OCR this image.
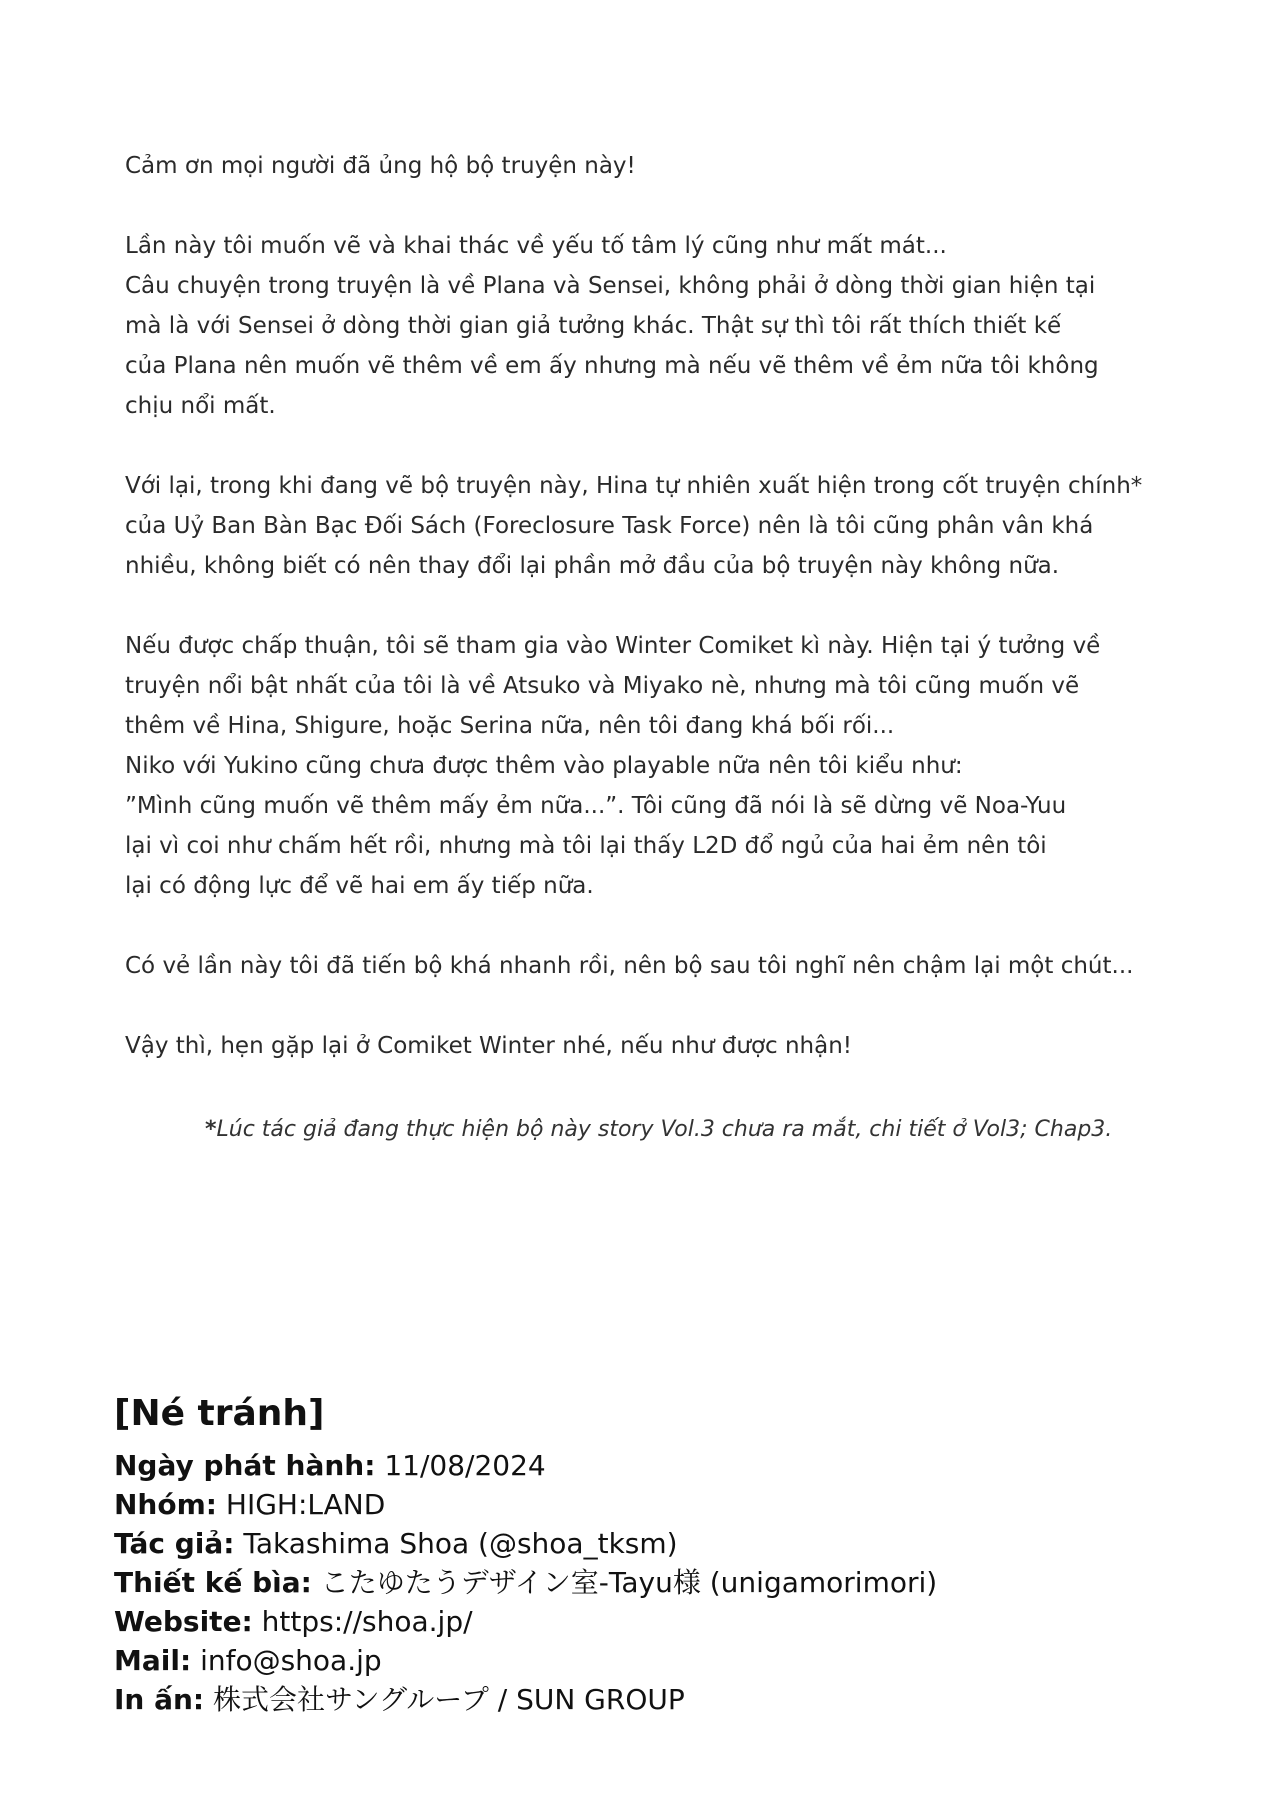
Cảm ơn mọi người đã ủng hộ bộ truyện này!

Lần này tôi muốn vẽ và khai thác về yếu tố tâm lý cũng như mất mát...
Câu chuyện trong truyện là về Plana và Sensei, không phải ở dòng thời gian hiện tại
mà là với Sensei ở dòng thời gian giả tưởng khác. Thật sự thì tôi rất thích thiết kế
của Plana nên muốn vẽ thêm về em ấy nhưng mà nếu vẽ thêm về ẻm nữa tôi không
chịu nổi mất.

Với lại, trong khi đang vẽ bộ truyện này, Hina tự nhiên xuất hiện trong cốt truyện chính*
của Uỷ Ban Bàn Bạc Đối Sách (Foreclosure Task Force) nên là tôi cũng phân vân khá
nhiều, không biết có nên thay đổi lại phần mở đầu của bộ truyện này không nữa.

Nếu được chấp thuận, tôi sẽ tham gia vào Winter Comiket kì này. Hiện tại ý tưởng về
truyện nổi bật nhất của tôi là về Atsuko và Miyako nè, nhưng mà tôi cũng muốn vẽ
thêm về Hina, Shigure, hoặc Serina nữa, nên tôi đang khá bối rối...
Niko với Yukino cũng chưa được thêm vào playable nữa nên tôi kiểu như:
”Mình cũng muốn vẽ thêm mấy ẻm nữa...”. Tôi cũng đã nói là sẽ dừng vẽ Noa-Yuu
lại vì coi như chấm hết rồi, nhưng mà tôi lại thấy L2D đổ ngủ của hai ẻm nên tôi
lại có động lực để vẽ hai em ấy tiếp nữa.

Có vẻ lần này tôi đã tiến bộ khá nhanh rồi, nên bộ sau tôi nghĩ nên chậm lại một chút...

Vậy thì, hẹn gặp lại ở Comiket Winter nhé, nếu như được nhận!

*Lúc tác giả đang thực hiện bộ này story Vol.3 chưa ra mắt, chi tiết ở Vol3; Chap3.
[Né tránh]
Ngày phát hành: 11/08/2024
Nhóm: HIGH:LAND
Tác giả: Takashima Shoa (@shoa_tksm)
Thiết kế bìa: こたゆたうデザイン室-Tayu様 (unigamorimori)
Website: https://shoa.jp/
Mail: info@shoa.jp
In ấn: 株式会社サングループ / SUN GROUP
